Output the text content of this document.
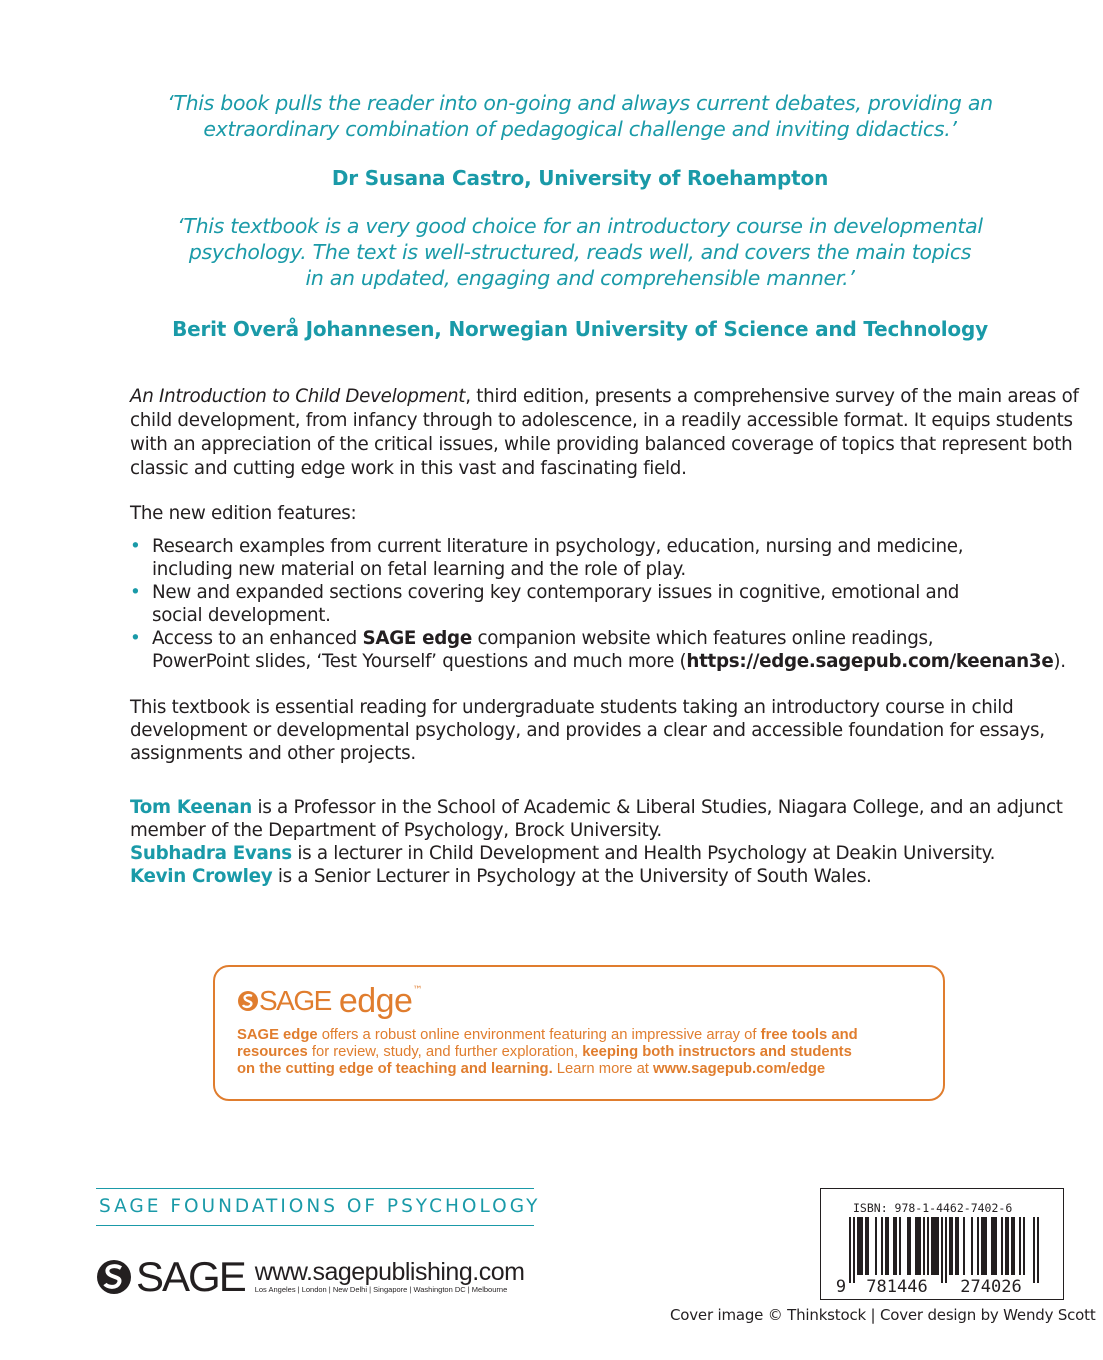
‘This book pulls the reader into on-going and always current debates, providing an
extraordinary combination of pedagogical challenge and inviting didactics.’
Dr Susana Castro, University of Roehampton
‘This textbook is a very good choice for an introductory course in developmental
psychology. The text is well-structured, reads well, and covers the main topics
in an updated, engaging and comprehensible manner.’
Berit Overå Johannesen, Norwegian University of Science and Technology
An Introduction to Child Development, third edition, presents a comprehensive survey of the main areas of
child development, from infancy through to adolescence, in a readily accessible format. It equips students
with an appreciation of the critical issues, while providing balanced coverage of topics that represent both
classic and cutting edge work in this vast and fascinating field.
The new edition features:
• Research examples from current literature in psychology, education, nursing and medicine,
including new material on fetal learning and the role of play.
• New and expanded sections covering key contemporary issues in cognitive, emotional and
social development.
• Access to an enhanced SAGE edge companion website which features online readings,
PowerPoint slides, ‘Test Yourself’ questions and much more (https://edge.sagepub.com/keenan3e).
This textbook is essential reading for undergraduate students taking an introductory course in child
development or developmental psychology, and provides a clear and accessible foundation for essays,
assignments and other projects.
Tom Keenan is a Professor in the School of Academic & Liberal Studies, Niagara College, and an adjunct
member of the Department of Psychology, Brock University.
Subhadra Evans is a lecturer in Child Development and Health Psychology at Deakin University.
Kevin Crowley is a Senior Lecturer in Psychology at the University of South Wales.
SAGE edge ™
SAGE edge offers a robust online environment featuring an impressive array of free tools and
resources for review, study, and further exploration, keeping both instructors and students
on the cutting edge of teaching and learning. Learn more at www.sagepub.com/edge
SAGE FOUNDATIONS OF PSYCHOLOGY
SAGE www.sagepublishing.com
Los Angeles | London | New Delhi | Singapore | Washington DC | Melbourne
ISBN: 978-1-4462-7402-6
9 781446 274026
Cover image © Thinkstock | Cover design by Wendy Scott
